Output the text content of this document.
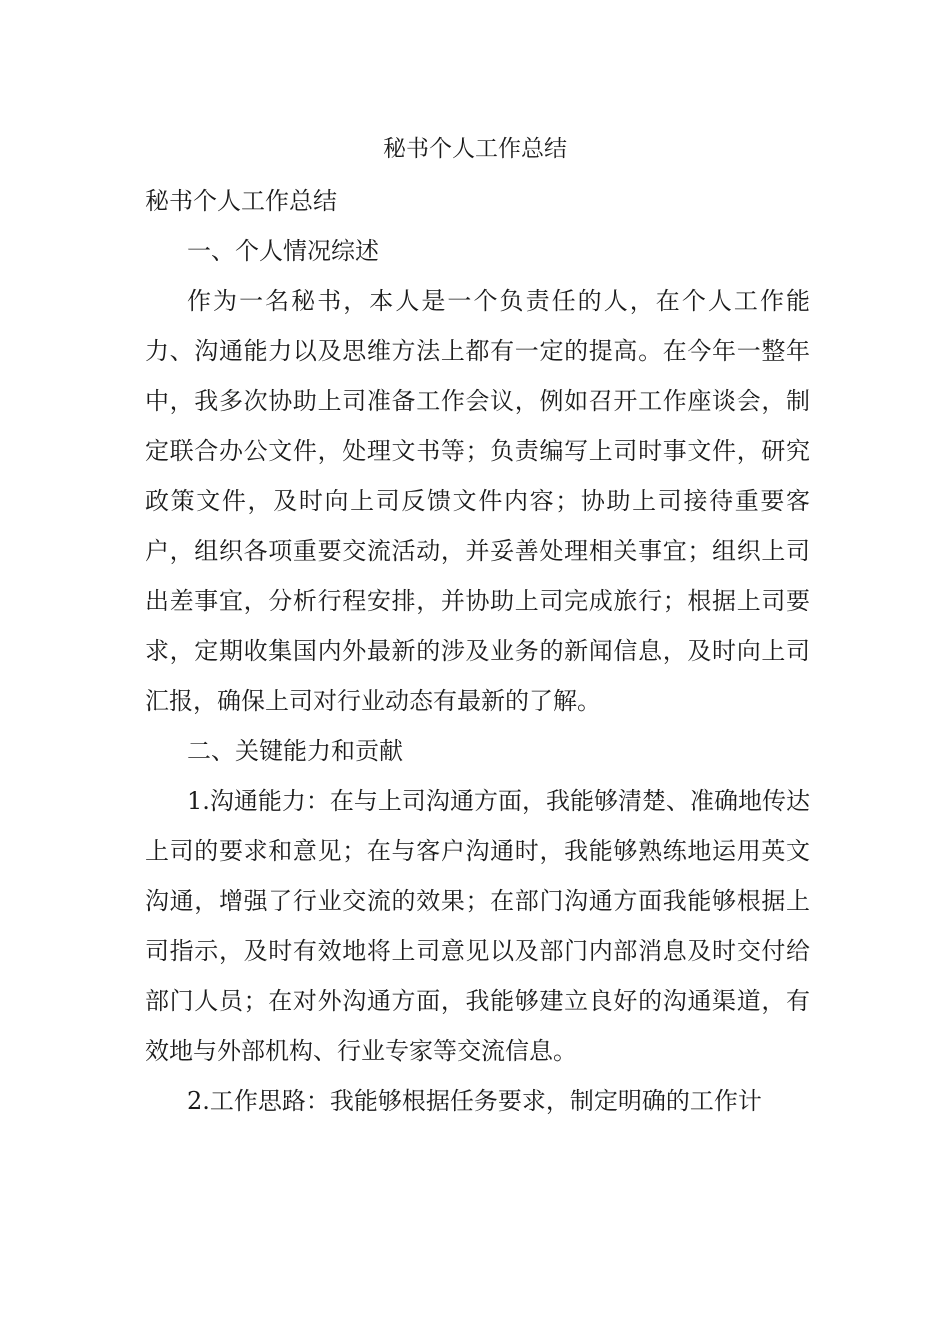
秘书个人工作总结

秘书个人工作总结

一、个人情况综述

作为一名秘书，本人是一个负责任的人，在个人工作能力、沟通能力以及思维方法上都有一定的提高。在今年一整年中，我多次协助上司准备工作会议，例如召开工作座谈会，制定联合办公文件，处理文书等；负责编写上司时事文件，研究政策文件，及时向上司反馈文件内容；协助上司接待重要客户，组织各项重要交流活动，并妥善处理相关事宜；组织上司出差事宜，分析行程安排，并协助上司完成旅行；根据上司要求，定期收集国内外最新的涉及业务的新闻信息，及时向上司汇报，确保上司对行业动态有最新的了解。

二、关键能力和贡献

1.沟通能力：在与上司沟通方面，我能够清楚、准确地传达上司的要求和意见；在与客户沟通时，我能够熟练地运用英文沟通，增强了行业交流的效果；在部门沟通方面我能够根据上司指示，及时有效地将上司意见以及部门内部消息及时交付给部门人员；在对外沟通方面，我能够建立良好的沟通渠道，有效地与外部机构、行业专家等交流信息。

2.工作思路：我能够根据任务要求，制定明确的工作计
